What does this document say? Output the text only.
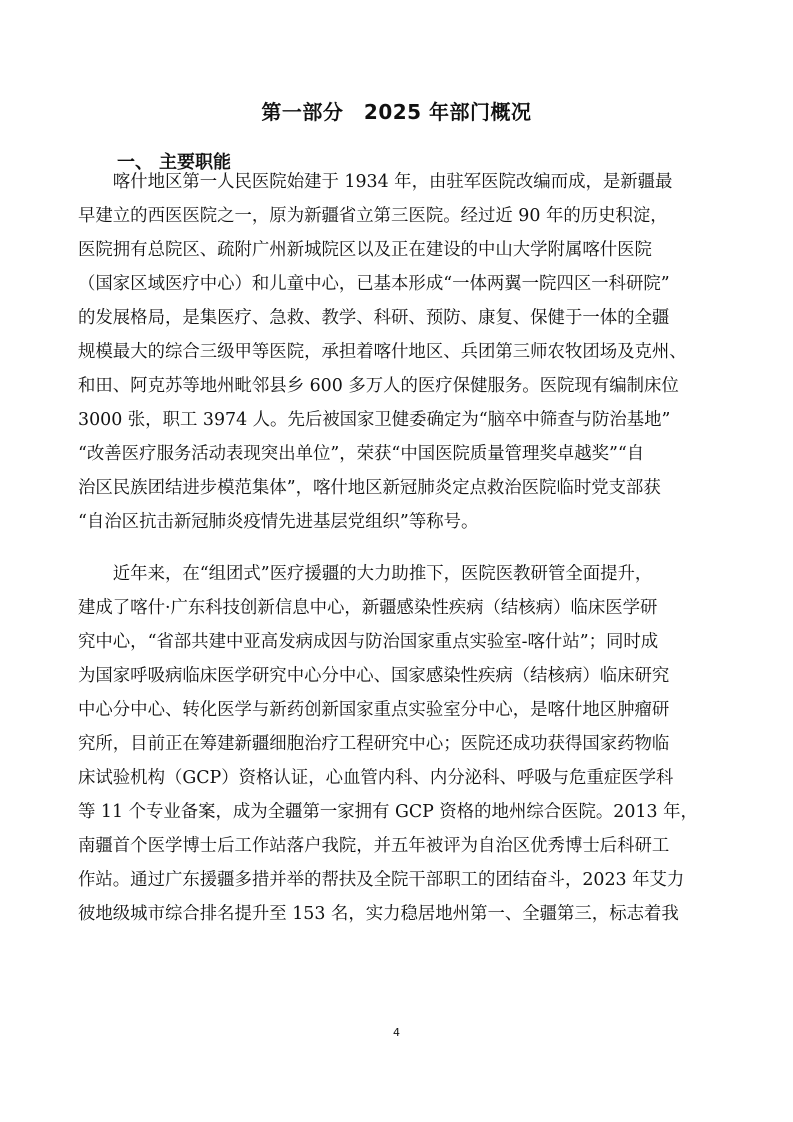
第一部分　2025 年部门概况
一、 主要职能
　　喀什地区第一人民医院始建于 1934 年，由驻军医院改编而成，是新疆最
早建立的西医医院之一，原为新疆省立第三医院。经过近 90 年的历史积淀，
医院拥有总院区、疏附广州新城院区以及正在建设的中山大学附属喀什医院
（国家区域医疗中心）和儿童中心，已基本形成“一体两翼一院四区一科研院”
的发展格局，是集医疗、急救、教学、科研、预防、康复、保健于一体的全疆
规模最大的综合三级甲等医院，承担着喀什地区、兵团第三师农牧团场及克州、
和田、阿克苏等地州毗邻县乡 600 多万人的医疗保健服务。医院现有编制床位
3000 张，职工 3974 人。先后被国家卫健委确定为“脑卒中筛查与防治基地”
“改善医疗服务活动表现突出单位”，荣获“中国医院质量管理奖卓越奖”“自
治区民族团结进步模范集体”，喀什地区新冠肺炎定点救治医院临时党支部获
“自治区抗击新冠肺炎疫情先进基层党组织”等称号。
　　近年来，在“组团式”医疗援疆的大力助推下，医院医教研管全面提升，
建成了喀什·广东科技创新信息中心，新疆感染性疾病（结核病）临床医学研
究中心，“省部共建中亚高发病成因与防治国家重点实验室-喀什站”；同时成
为国家呼吸病临床医学研究中心分中心、国家感染性疾病（结核病）临床研究
中心分中心、转化医学与新药创新国家重点实验室分中心，是喀什地区肿瘤研
究所，目前正在筹建新疆细胞治疗工程研究中心；医院还成功获得国家药物临
床试验机构（GCP）资格认证，心血管内科、内分泌科、呼吸与危重症医学科
等 11 个专业备案，成为全疆第一家拥有 GCP 资格的地州综合医院。2013 年，
南疆首个医学博士后工作站落户我院，并五年被评为自治区优秀博士后科研工
作站。通过广东援疆多措并举的帮扶及全院干部职工的团结奋斗，2023 年艾力
彼地级城市综合排名提升至 153 名，实力稳居地州第一、全疆第三，标志着我
4
